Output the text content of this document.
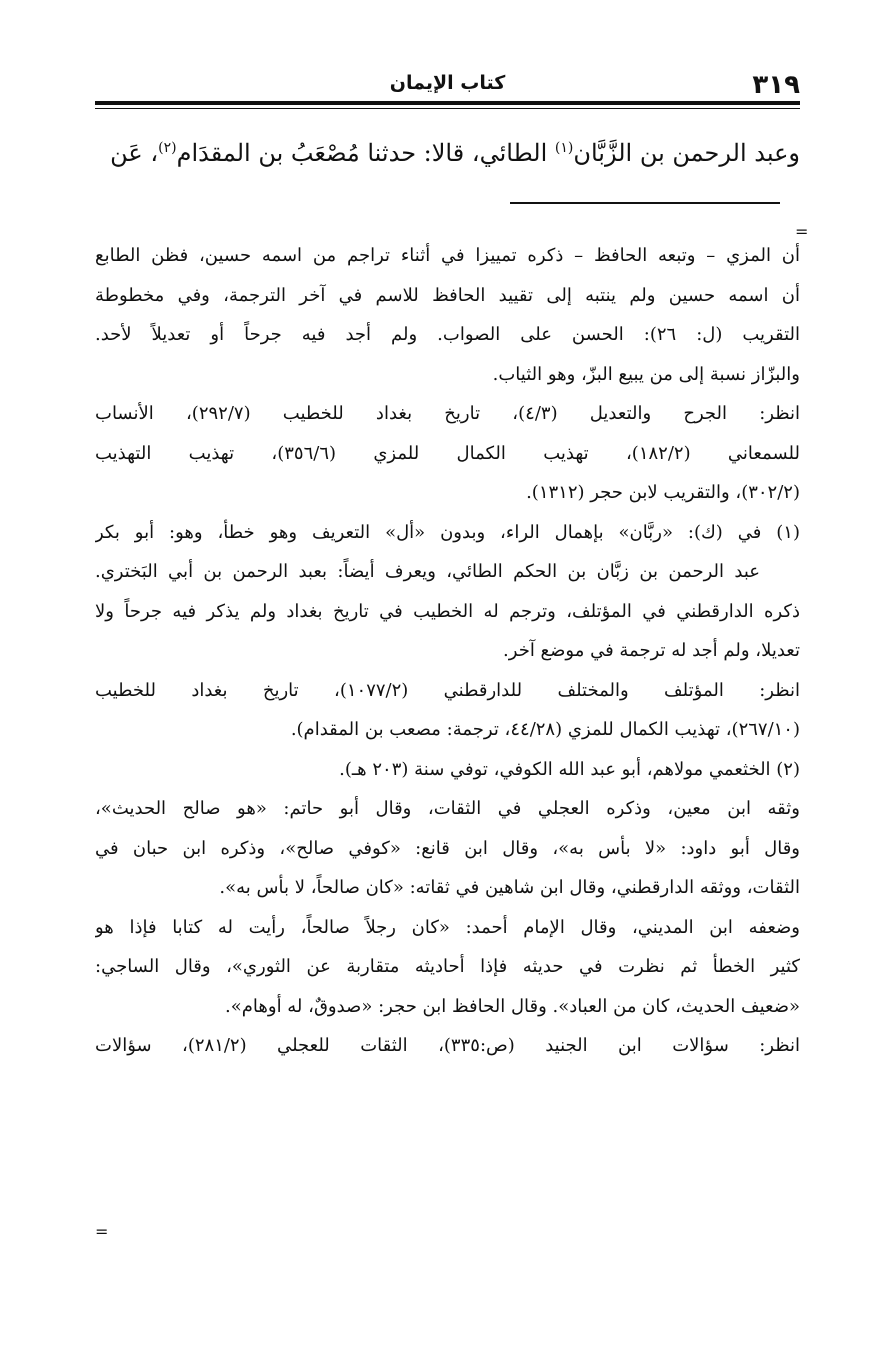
٣١٩
كتاب الإيمان
وعبد الرحمن بن الزَّبَّان$^{(١)}$ الطائي، قالا: حدثنا مُصْعَبُ بن المقدَام$^{(٢)}$، عَن
=
أن المزي – وتبعه الحافظ – ذكره تمييزا في أثناء تراجم من اسمه حسين، فظن الطابع
أن اسمه حسين ولم ينتبه إلى تقييد الحافظ للاسم في آخر الترجمة، وفي مخطوطة
التقريب (ل: ٢٦): الحسن على الصواب. ولم أجد فيه جرحاً أو تعديلاً لأحد.
والبزّاز نسبة إلى من يبيع البزّ، وهو الثياب.
انظر: الجرح والتعديل (٤/٣)، تاريخ بغداد للخطيب (٢٩٢/٧)، الأنساب
للسمعاني (١٨٢/٢)، تهذيب الكمال للمزي (٣٥٦/٦)، تهذيب التهذيب
(٣٠٢/٢)، والتقريب لابن حجر (١٣١٢).
(١) في (ك): «ربَّان» بإهمال الراء، وبدون «أل» التعريف وهو خطأ، وهو: أبو بكر
عبد الرحمن بن زبَّان بن الحكم الطائي، ويعرف أيضاً: بعبد الرحمن بن أبي البَختري.
ذكره الدارقطني في المؤتلف، وترجم له الخطيب في تاريخ بغداد ولم يذكر فيه جرحاً ولا
تعديلا، ولم أجد له ترجمة في موضع آخر.
انظر: المؤتلف والمختلف للدارقطني (١٠٧٧/٢)، تاريخ بغداد للخطيب
(٢٦٧/١٠)، تهذيب الكمال للمزي (٤٤/٢٨، ترجمة: مصعب بن المقدام).
(٢) الخثعمي مولاهم، أبو عبد الله الكوفي، توفي سنة (٢٠٣ هـ).
وثقه ابن معين، وذكره العجلي في الثقات، وقال أبو حاتم: «هو صالح الحديث»،
وقال أبو داود: «لا بأس به»، وقال ابن قانع: «كوفي صالح»، وذكره ابن حبان في
الثقات، ووثقه الدارقطني، وقال ابن شاهين في ثقاته: «كان صالحاً، لا بأس به».
وضعفه ابن المديني، وقال الإمام أحمد: «كان رجلاً صالحاً، رأيت له كتابا فإذا هو
كثير الخطأ ثم نظرت في حديثه فإذا أحاديثه متقاربة عن الثوري»، وقال الساجي:
«ضعيف الحديث، كان من العباد». وقال الحافظ ابن حجر: «صدوقٌ، له أوهام».
انظر: سؤالات ابن الجنيد (ص:٣٣٥)، الثقات للعجلي (٢٨١/٢)، سؤالات
=
